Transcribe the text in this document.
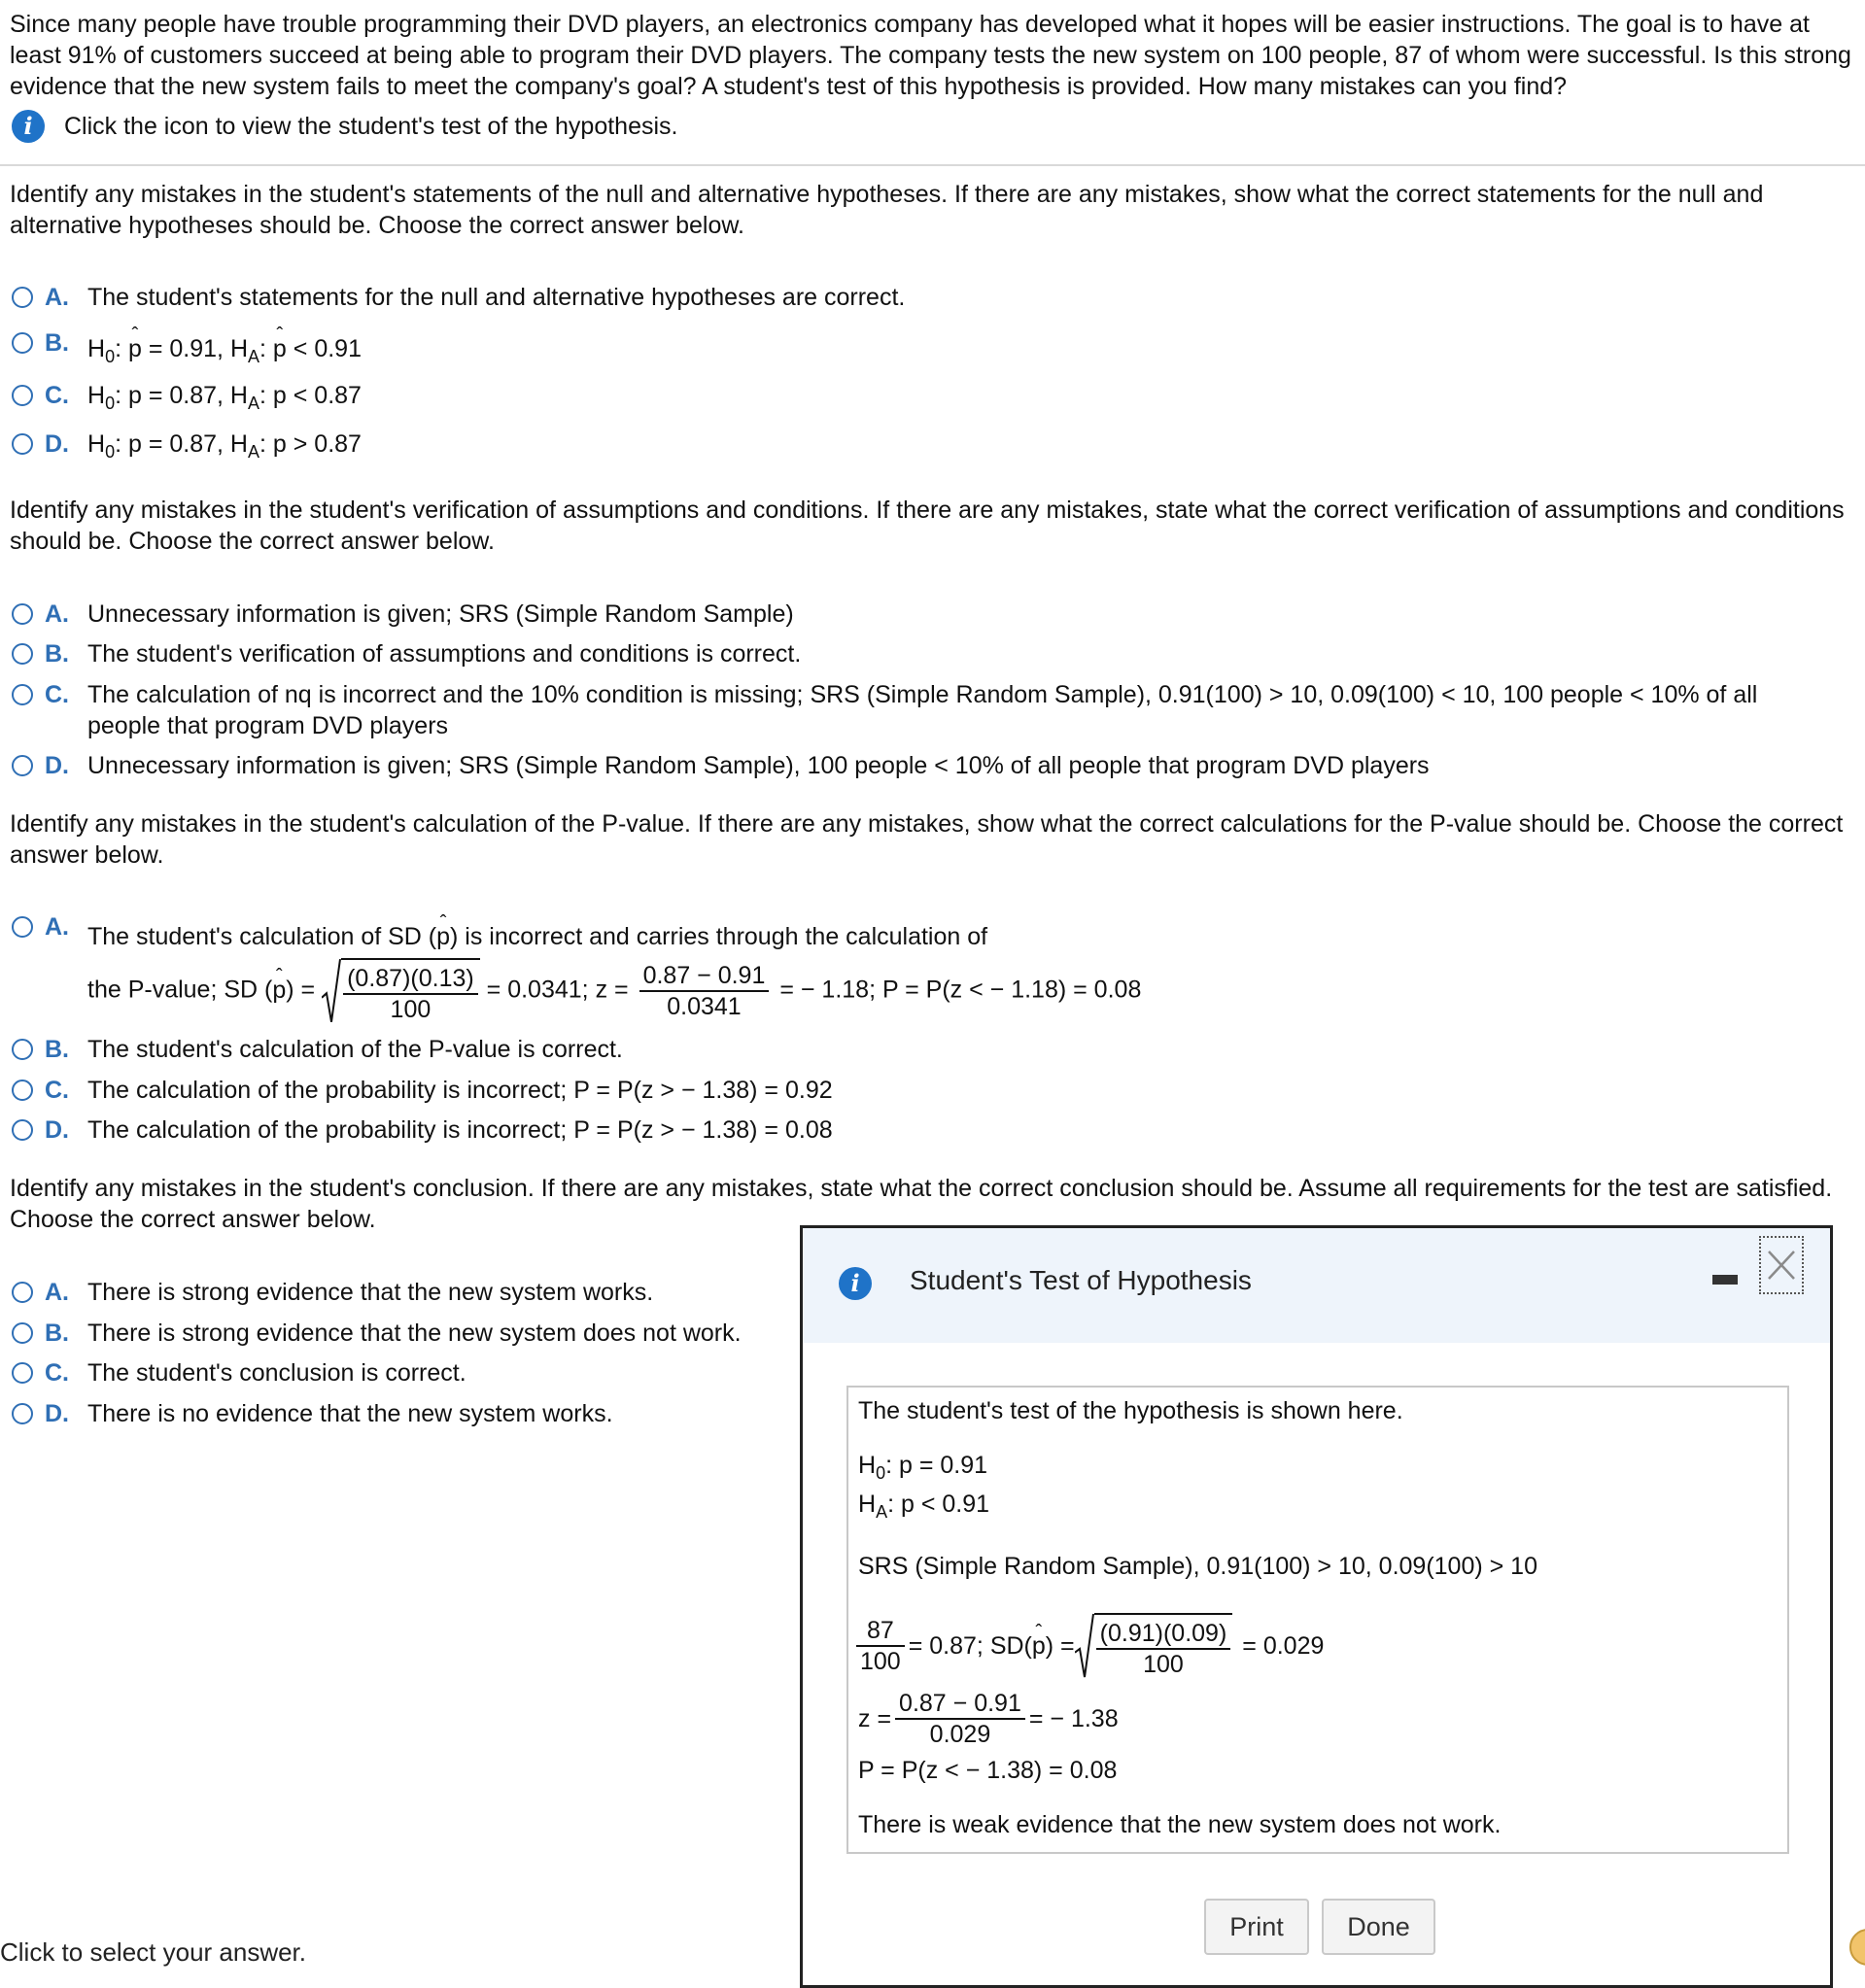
Since many people have trouble programming their DVD players, an electronics company has developed what it hopes will be easier instructions. The goal is to have at least 91% of customers succeed at being able to program their DVD players. The company tests the new system on 100 people, 87 of whom were successful. Is this strong evidence that the new system fails to meet the company's goal? A student's test of this hypothesis is provided. How many mistakes can you find?
i	Click the icon to view the student's test of the hypothesis.
Identify any mistakes in the student's statements of the null and alternative hypotheses. If there are any mistakes, show what the correct statements for the null and alternative hypotheses should be. Choose the correct answer below.
A. The student's statements for the null and alternative hypotheses are correct.
B. $H_0$: ˆ p = 0.91, $H_A$: ˆ p < 0.91
C. $H_0$: p = 0.87, $H_A$: p < 0.87
D. $H_0$: p = 0.87, $H_A$: p > 0.87
Identify any mistakes in the student's verification of assumptions and conditions. If there are any mistakes, state what the correct verification of assumptions and conditions should be. Choose the correct answer below.
A. Unnecessary information is given; SRS (Simple Random Sample)
B. The student's verification of assumptions and conditions is correct.
C. The calculation of nq is incorrect and the 10% condition is missing; SRS (Simple Random Sample), 0.91(100) > 10, 0.09(100) < 10, 100 people < 10% of all people that program DVD players
D. Unnecessary information is given; SRS (Simple Random Sample), 100 people < 10% of all people that program DVD players
Identify any mistakes in the student's calculation of the P-value. If there are any mistakes, show what the correct calculations for the P-value should be. Choose the correct answer below.
A. The student's calculation of SD (ˆ p) is incorrect and carries through the calculation of
the P-value; SD (ˆ $p) = \frac{(0.87)(0.13)}{100} = 0.0341$; $z = \frac{0.87 - 0.91}{0.0341}$ = − 1.18; P = P(z < − 1.18) = 0.08
B. The student's calculation of the P-value is correct.
C. The calculation of the probability is incorrect; P = P(z > − 1.38) = 0.92
D. The calculation of the probability is incorrect; P = P(z > − 1.38) = 0.08
Identify any mistakes in the student's conclusion. If there are any mistakes, state what the correct conclusion should be. Assume all requirements for the test are satisfied. Choose the correct answer below.
A. There is strong evidence that the new system works.
B. There is strong evidence that the new system does not work.
C. The student's conclusion is correct.
D. There is no evidence that the new system works.
Click to select your answer.
i	Student's Test of Hypothesis
The student's test of the hypothesis is shown here.
$H_0$: p = 0.91
$H_A$: p < 0.91
SRS (Simple Random Sample), 0.91(100) > 10, 0.09(100) > 10
$\frac{87}{100} = 0.87$; SD(
ˆ p ) = $\frac{(0.91)(0.09)}{100} = 0.029$
$z = \frac{0.87 - 0.91}{0.029}$ = − 1.38
P = P(z < − 1.38) = 0.08
There is weak evidence that the new system does not work.
Print	Done
